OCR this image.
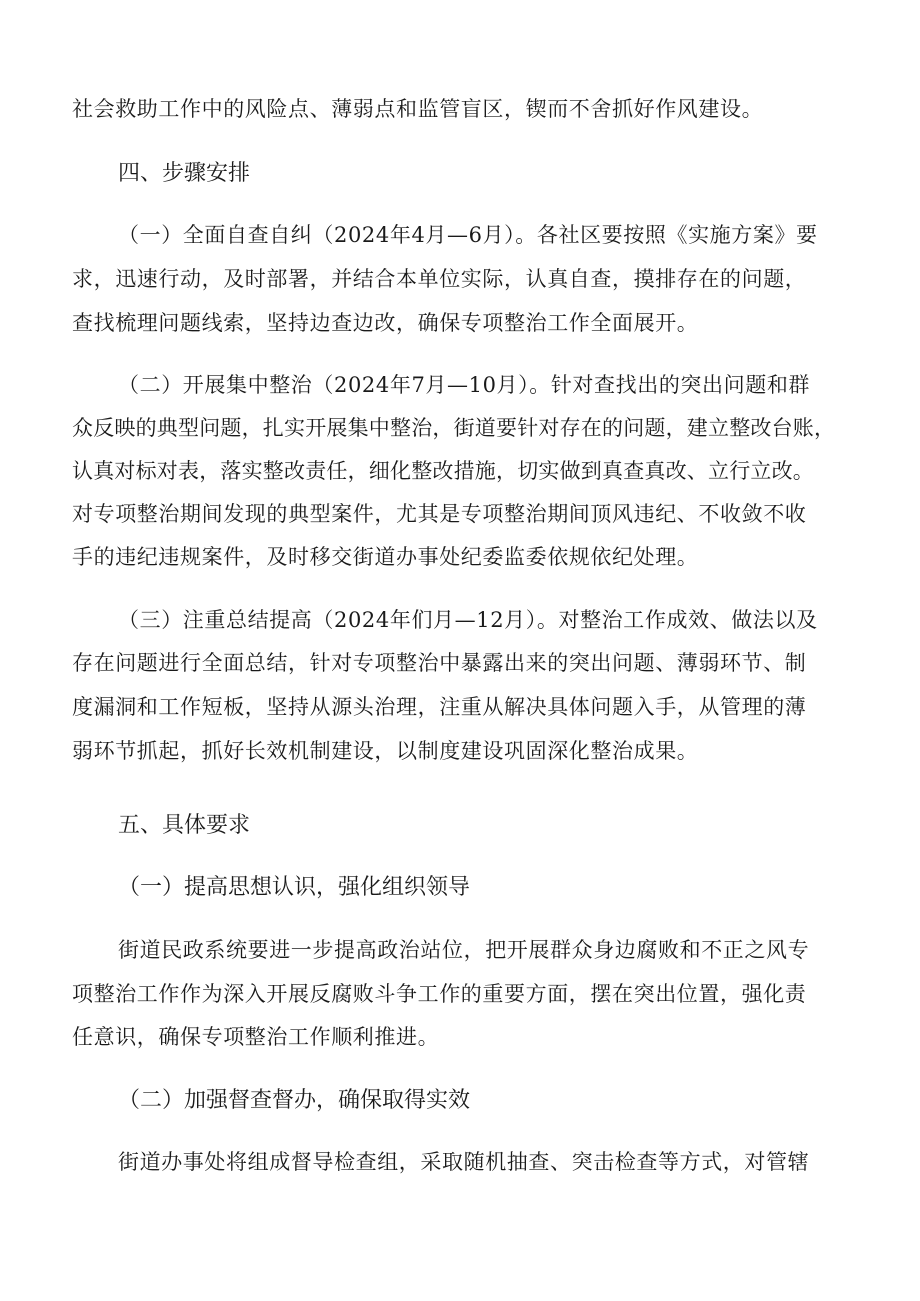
社会救助工作中的风险点、薄弱点和监管盲区，锲而不舍抓好作风建设。
四、步骤安排
（一）全面自查自纠（2024年4月—6月）。各社区要按照《实施方案》要
求，迅速行动，及时部署，并结合本单位实际，认真自查，摸排存在的问题，
查找梳理问题线索，坚持边查边改，确保专项整治工作全面展开。
（二）开展集中整治（2024年7月—10月）。针对查找出的突出问题和群
众反映的典型问题，扎实开展集中整治，街道要针对存在的问题，建立整改台账，
认真对标对表，落实整改责任，细化整改措施，切实做到真查真改、立行立改。
对专项整治期间发现的典型案件，尤其是专项整治期间顶风违纪、不收敛不收
手的违纪违规案件，及时移交街道办事处纪委监委依规依纪处理。
（三）注重总结提高（2024年们月—12月）。对整治工作成效、做法以及
存在问题进行全面总结，针对专项整治中暴露出来的突出问题、薄弱环节、制
度漏洞和工作短板，坚持从源头治理，注重从解决具体问题入手，从管理的薄
弱环节抓起，抓好长效机制建设，以制度建设巩固深化整治成果。
五、具体要求
（一）提高思想认识，强化组织领导
街道民政系统要进一步提高政治站位，把开展群众身边腐败和不正之风专
项整治工作作为深入开展反腐败斗争工作的重要方面，摆在突出位置，强化责
任意识，确保专项整治工作顺利推进。
（二）加强督查督办，确保取得实效
街道办事处将组成督导检查组，采取随机抽查、突击检查等方式，对管辖
